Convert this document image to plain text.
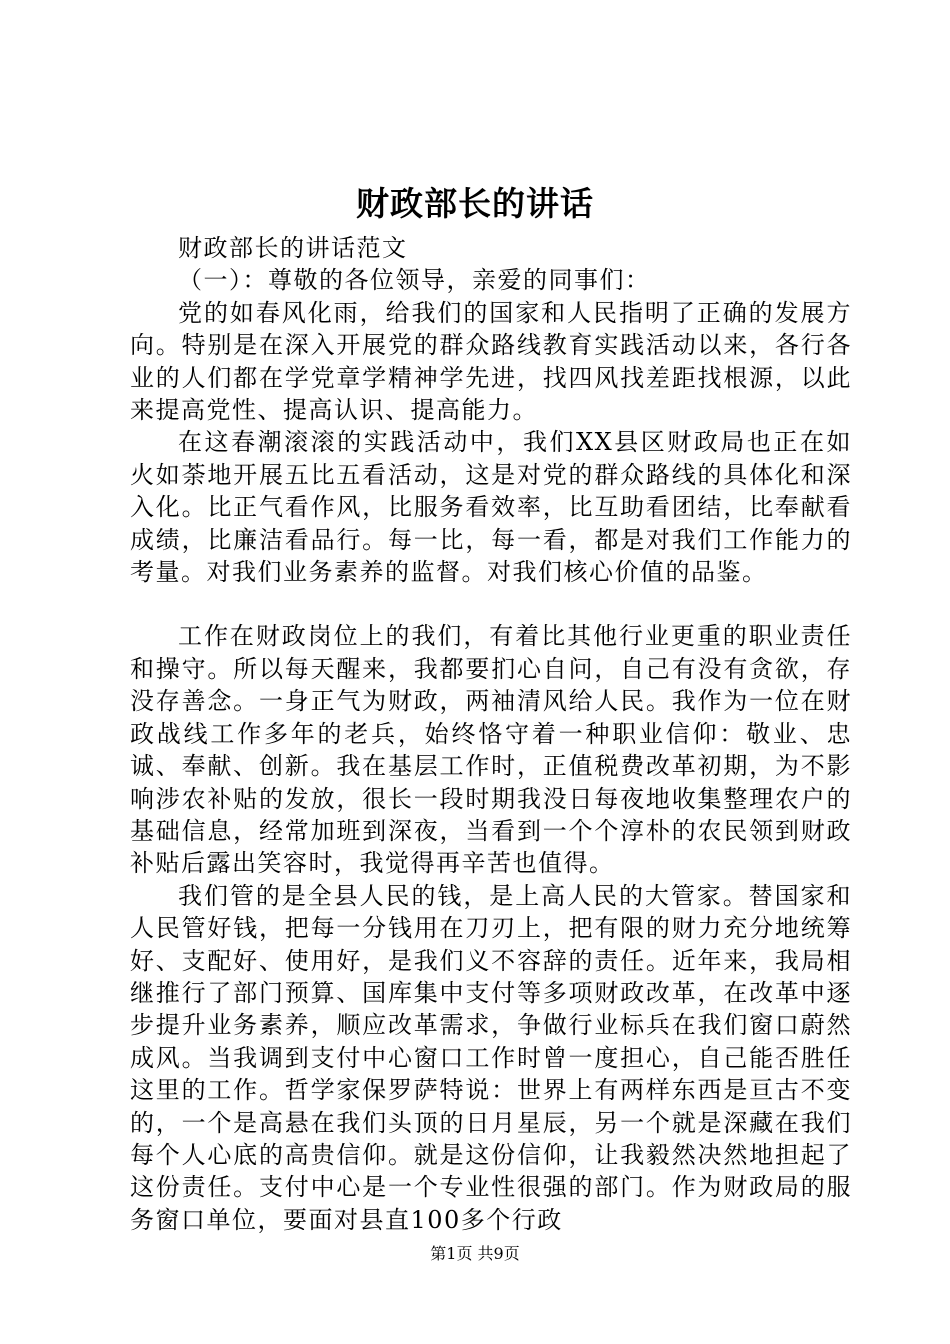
财政部长的讲话

财政部长的讲话范文

（一）：尊敬的各位领导，亲爱的同事们：

党的如春风化雨，给我们的国家和人民指明了正确的发展方向。特别是在深入开展党的群众路线教育实践活动以来，各行各业的人们都在学党章学精神学先进，找四风找差距找根源，以此来提高党性、提高认识、提高能力。

在这春潮滚滚的实践活动中，我们XX县区财政局也正在如火如荼地开展五比五看活动，这是对党的群众路线的具体化和深入化。比正气看作风，比服务看效率，比互助看团结，比奉献看成绩，比廉洁看品行。每一比，每一看，都是对我们工作能力的考量。对我们业务素养的监督。对我们核心价值的品鉴。

工作在财政岗位上的我们，有着比其他行业更重的职业责任和操守。所以每天醒来，我都要扪心自问，自己有没有贪欲，存没存善念。一身正气为财政，两袖清风给人民。我作为一位在财政战线工作多年的老兵，始终恪守着一种职业信仰：敬业、忠诚、奉献、创新。我在基层工作时，正值税费改革初期，为不影响涉农补贴的发放，很长一段时期我没日每夜地收集整理农户的基础信息，经常加班到深夜，当看到一个个淳朴的农民领到财政补贴后露出笑容时，我觉得再辛苦也值得。

我们管的是全县人民的钱，是上高人民的大管家。替国家和人民管好钱，把每一分钱用在刀刃上，把有限的财力充分地统筹好、支配好、使用好，是我们义不容辞的责任。近年来，我局相继推行了部门预算、国库集中支付等多项财政改革，在改革中逐步提升业务素养，顺应改革需求，争做行业标兵在我们窗口蔚然成风。当我调到支付中心窗口工作时曾一度担心，自己能否胜任这里的工作。哲学家保罗萨特说：世界上有两样东西是亘古不变的，一个是高悬在我们头顶的日月星辰，另一个就是深藏在我们每个人心底的高贵信仰。就是这份信仰，让我毅然决然地担起了这份责任。支付中心是一个专业性很强的部门。作为财政局的服务窗口单位，要面对县直100多个行政

第1页 共9页
